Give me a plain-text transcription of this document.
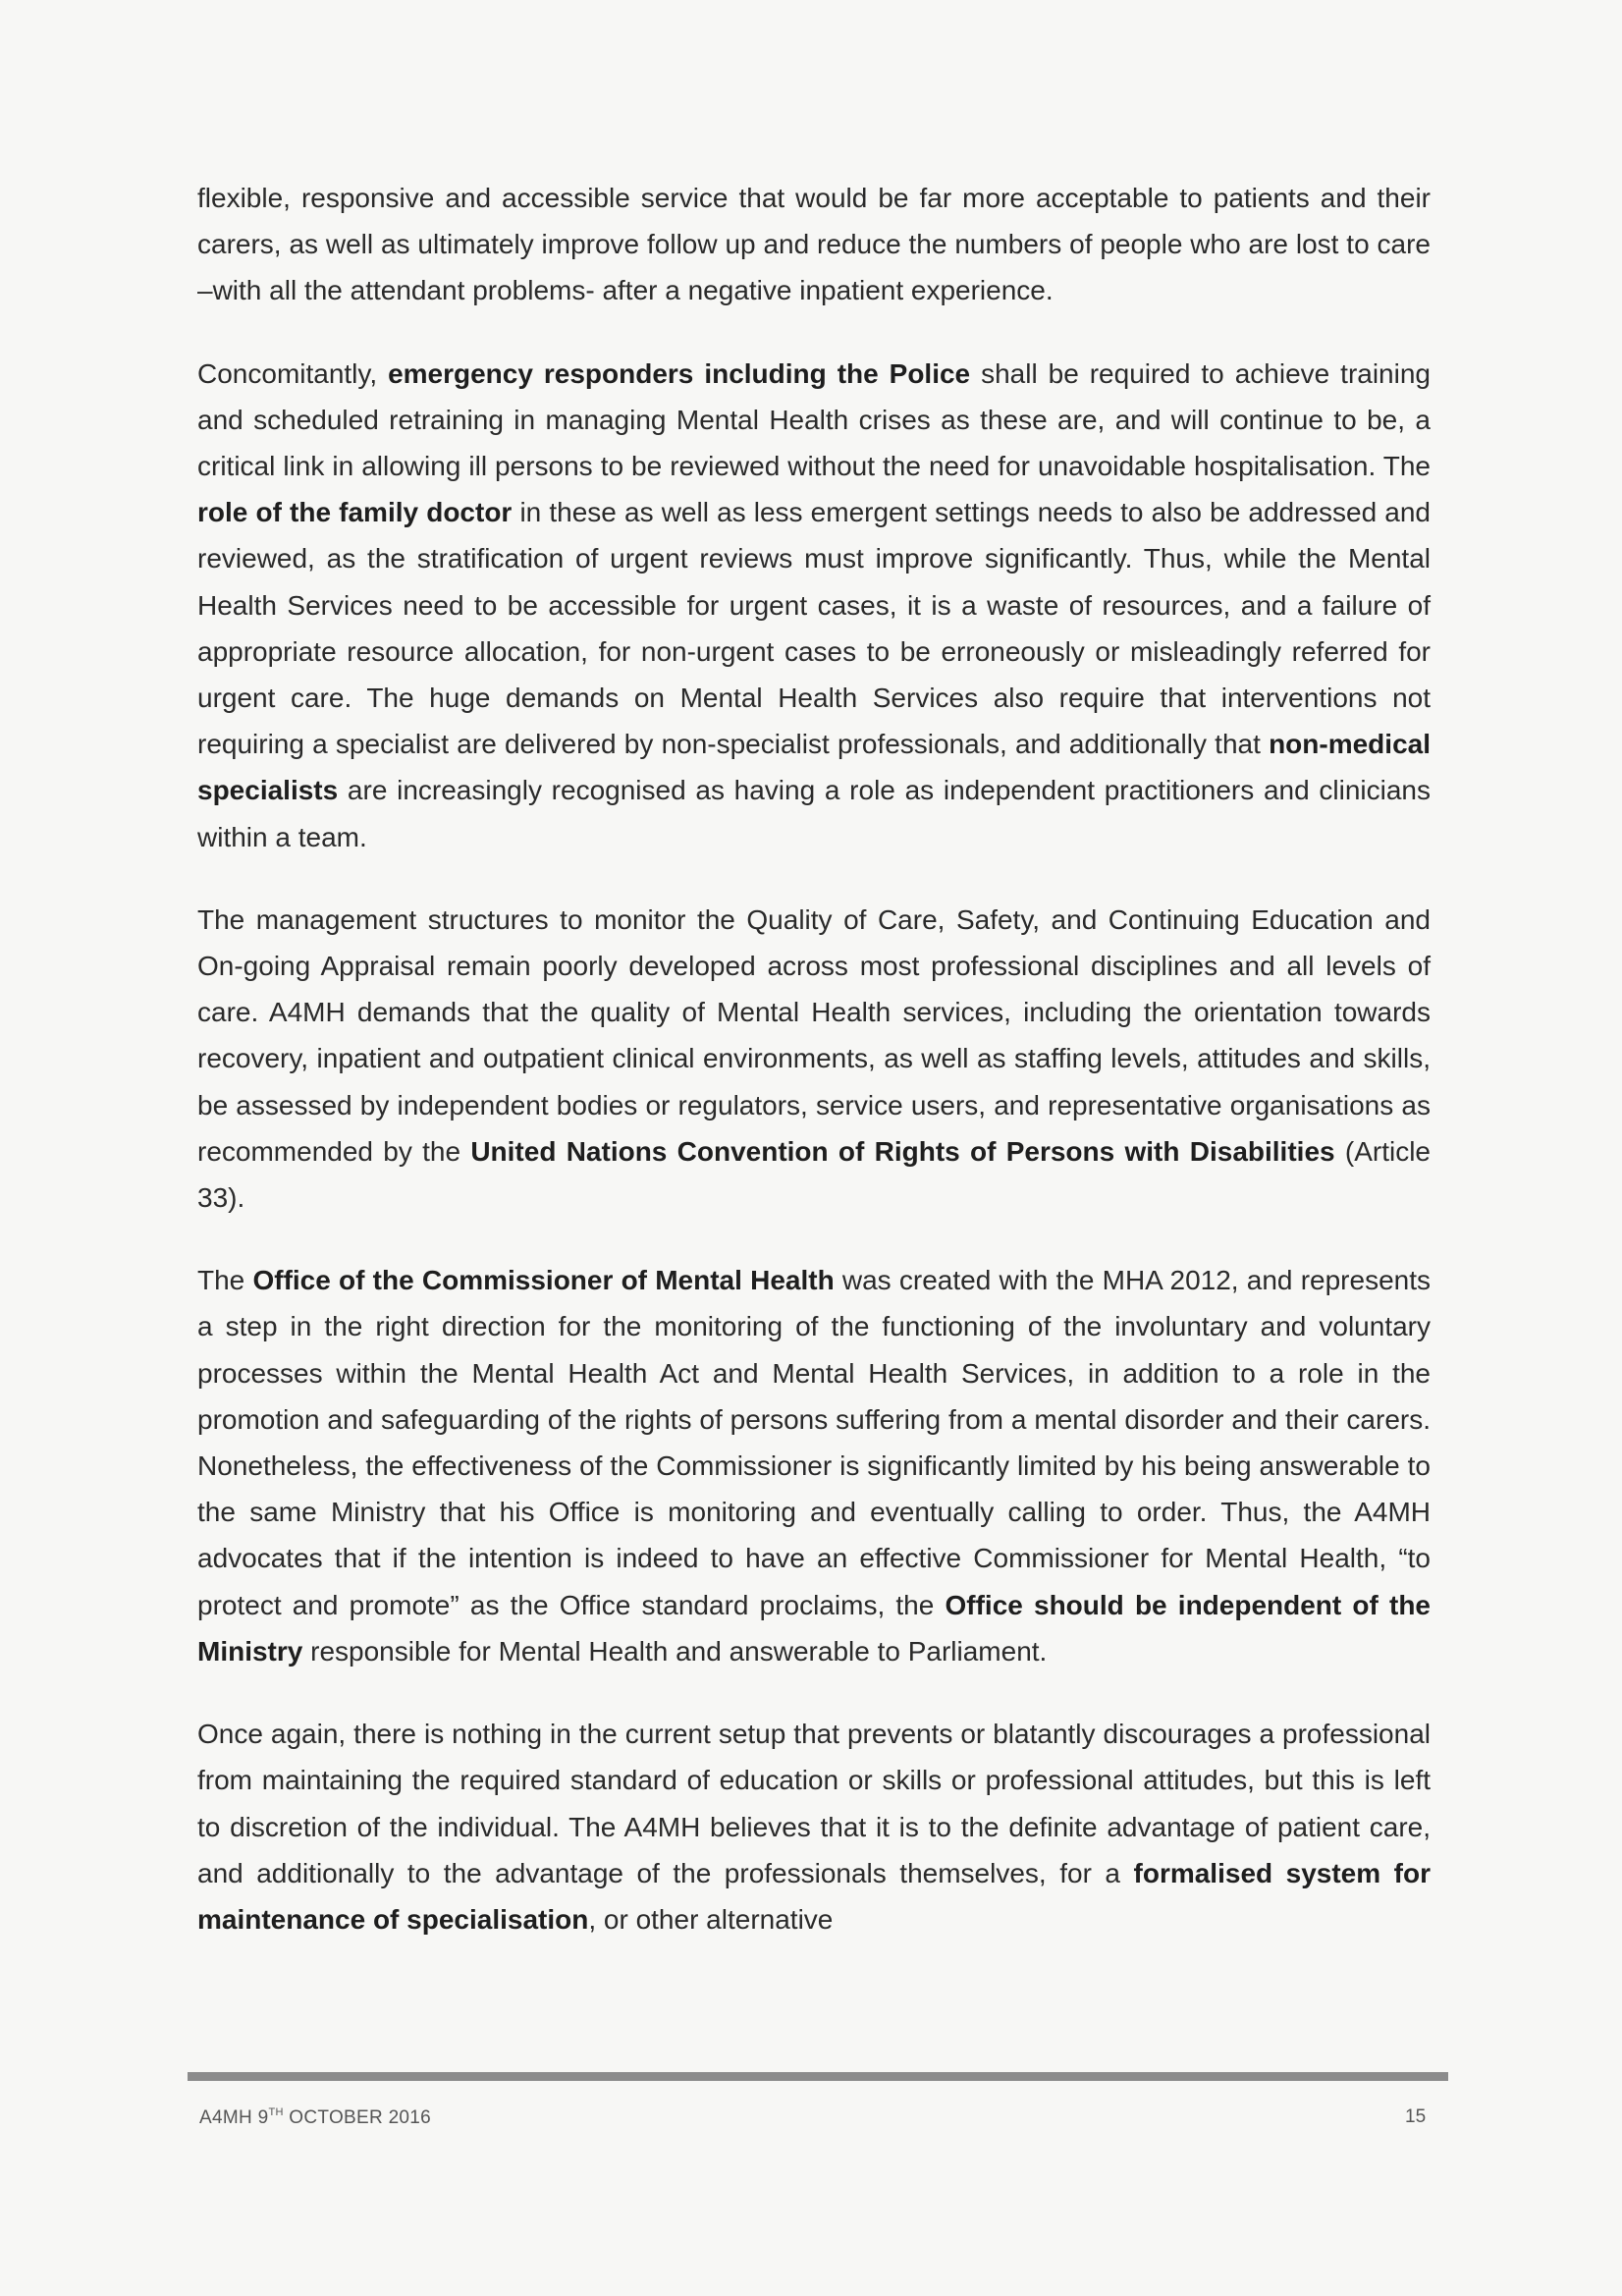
flexible, responsive and accessible service that would be far more acceptable to patients and their carers, as well as ultimately improve follow up and reduce the numbers of people who are lost to care –with all the attendant problems- after a negative inpatient experience.

Concomitantly, emergency responders including the Police shall be required to achieve training and scheduled retraining in managing Mental Health crises as these are, and will continue to be, a critical link in allowing ill persons to be reviewed without the need for unavoidable hospitalisation. The role of the family doctor in these as well as less emergent settings needs to also be addressed and reviewed, as the stratification of urgent reviews must improve significantly. Thus, while the Mental Health Services need to be accessible for urgent cases, it is a waste of resources, and a failure of appropriate resource allocation, for non-urgent cases to be erroneously or misleadingly referred for urgent care. The huge demands on Mental Health Services also require that interventions not requiring a specialist are delivered by non-specialist professionals, and additionally that non-medical specialists are increasingly recognised as having a role as independent practitioners and clinicians within a team.

The management structures to monitor the Quality of Care, Safety, and Continuing Education and On-going Appraisal remain poorly developed across most professional disciplines and all levels of care. A4MH demands that the quality of Mental Health services, including the orientation towards recovery, inpatient and outpatient clinical environments, as well as staffing levels, attitudes and skills, be assessed by independent bodies or regulators, service users, and representative organisations as recommended by the United Nations Convention of Rights of Persons with Disabilities (Article 33).

The Office of the Commissioner of Mental Health was created with the MHA 2012, and represents a step in the right direction for the monitoring of the functioning of the involuntary and voluntary processes within the Mental Health Act and Mental Health Services, in addition to a role in the promotion and safeguarding of the rights of persons suffering from a mental disorder and their carers. Nonetheless, the effectiveness of the Commissioner is significantly limited by his being answerable to the same Ministry that his Office is monitoring and eventually calling to order. Thus, the A4MH advocates that if the intention is indeed to have an effective Commissioner for Mental Health, “to protect and promote” as the Office standard proclaims, the Office should be independent of the Ministry responsible for Mental Health and answerable to Parliament.

Once again, there is nothing in the current setup that prevents or blatantly discourages a professional from maintaining the required standard of education or skills or professional attitudes, but this is left to discretion of the individual. The A4MH believes that it is to the definite advantage of patient care, and additionally to the advantage of the professionals themselves, for a formalised system for maintenance of specialisation, or other alternative

A4MH 9TH OCTOBER 2016	15
